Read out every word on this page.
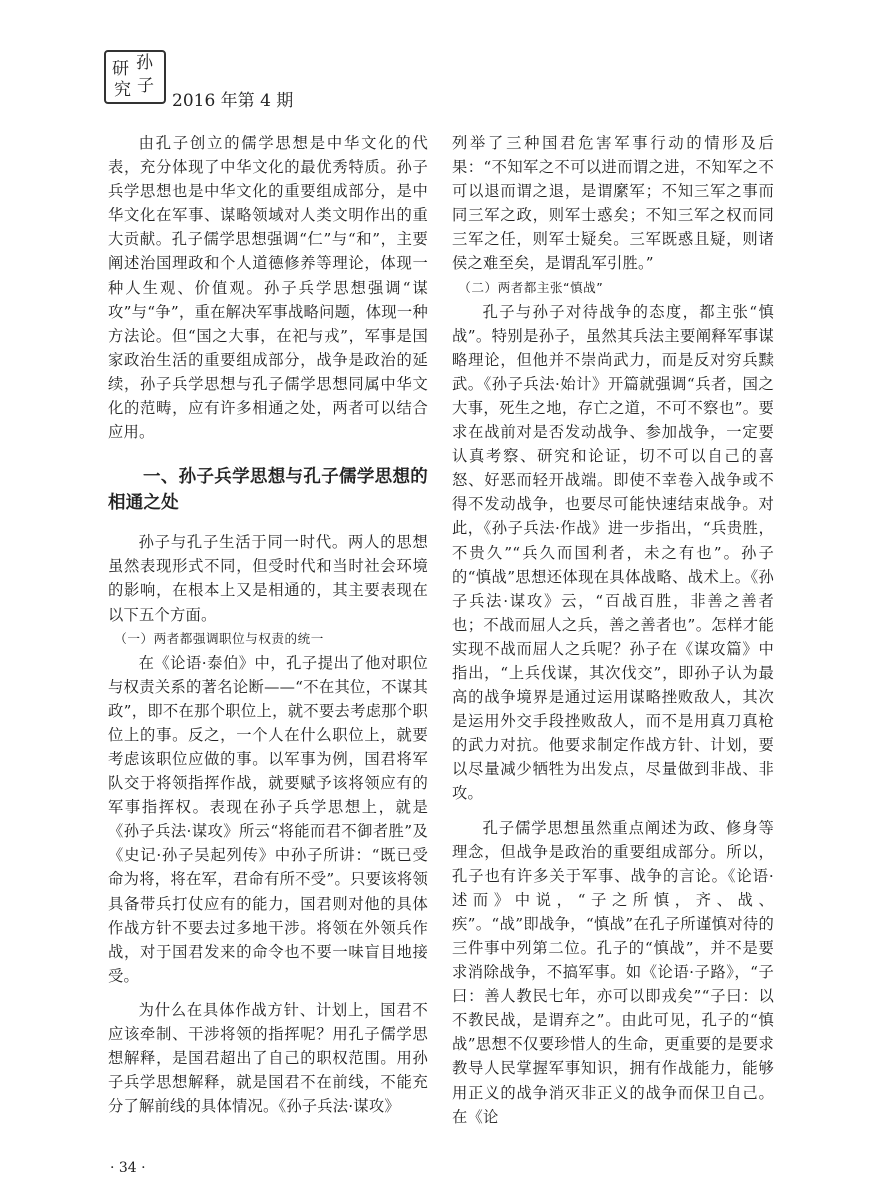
研 孙
究 子
2016 年第 4 期

由孔子创立的儒学思想是中华文化的代表，充分体现了中华文化的最优秀特质。孙子兵学思想也是中华文化的重要组成部分，是中华文化在军事、谋略领域对人类文明作出的重大贡献。孔子儒学思想强调“仁”与“和”，主要阐述治国理政和个人道德修养等理论，体现一种人生观、价值观。孙子兵学思想强调“谋攻”与“争”，重在解决军事战略问题，体现一种方法论。但“国之大事，在祀与戎”，军事是国家政治生活的重要组成部分，战争是政治的延续，孙子兵学思想与孔子儒学思想同属中华文化的范畴，应有许多相通之处，两者可以结合应用。

一、孙子兵学思想与孔子儒学思想的相通之处

孙子与孔子生活于同一时代。两人的思想虽然表现形式不同，但受时代和当时社会环境的影响，在根本上又是相通的，其主要表现在以下五个方面。

（一）两者都强调职位与权责的统一

在《论语·泰伯》中，孔子提出了他对职位与权责关系的著名论断——“不在其位，不谋其政”，即不在那个职位上，就不要去考虑那个职位上的事。反之，一个人在什么职位上，就要考虑该职位应做的事。以军事为例，国君将军队交于将领指挥作战，就要赋予该将领应有的军事指挥权。表现在孙子兵学思想上，就是《孙子兵法·谋攻》所云“将能而君不御者胜”及《史记·孙子吴起列传》中孙子所讲：“既已受命为将，将在军，君命有所不受”。只要该将领具备带兵打仗应有的能力，国君则对他的具体作战方针不要去过多地干涉。将领在外领兵作战，对于国君发来的命令也不要一味盲目地接受。

为什么在具体作战方针、计划上，国君不应该牵制、干涉将领的指挥呢？用孔子儒学思想解释，是国君超出了自己的职权范围。用孙子兵学思想解释，就是国君不在前线，不能充分了解前线的具体情况。《孙子兵法·谋攻》

列举了三种国君危害军事行动的情形及后果：“不知军之不可以进而谓之进，不知军之不可以退而谓之退，是谓縻军；不知三军之事而同三军之政，则军士惑矣；不知三军之权而同三军之任，则军士疑矣。三军既惑且疑，则诸侯之难至矣，是谓乱军引胜。”

（二）两者都主张“慎战”

孔子与孙子对待战争的态度，都主张“慎战”。特别是孙子，虽然其兵法主要阐释军事谋略理论，但他并不崇尚武力，而是反对穷兵黩武。《孙子兵法·始计》开篇就强调“兵者，国之大事，死生之地，存亡之道，不可不察也”。要求在战前对是否发动战争、参加战争，一定要认真考察、研究和论证，切不可以自己的喜怒、好恶而轻开战端。即使不幸卷入战争或不得不发动战争，也要尽可能快速结束战争。对此，《孙子兵法·作战》进一步指出，“兵贵胜，不贵久”“兵久而国利者，未之有也”。孙子的“慎战”思想还体现在具体战略、战术上。《孙子兵法·谋攻》云，“百战百胜，非善之善者也；不战而屈人之兵，善之善者也”。怎样才能实现不战而屈人之兵呢？孙子在《谋攻篇》中指出，“上兵伐谋，其次伐交”，即孙子认为最高的战争境界是通过运用谋略挫败敌人，其次是运用外交手段挫败敌人，而不是用真刀真枪的武力对抗。他要求制定作战方针、计划，要以尽量减少牺牲为出发点，尽量做到非战、非攻。

孔子儒学思想虽然重点阐述为政、修身等理念，但战争是政治的重要组成部分。所以，孔子也有许多关于军事、战争的言论。《论语·述而》中说，“子之所慎，齐、战、疾”。“战”即战争，“慎战”在孔子所谨慎对待的三件事中列第二位。孔子的“慎战”，并不是要求消除战争，不搞军事。如《论语·子路》，“子曰：善人教民七年，亦可以即戎矣”“子曰：以不教民战，是谓弃之”。由此可见，孔子的“慎战”思想不仅要珍惜人的生命，更重要的是要求教导人民掌握军事知识，拥有作战能力，能够用正义的战争消灭非正义的战争而保卫自己。在《论

· 34 ·
